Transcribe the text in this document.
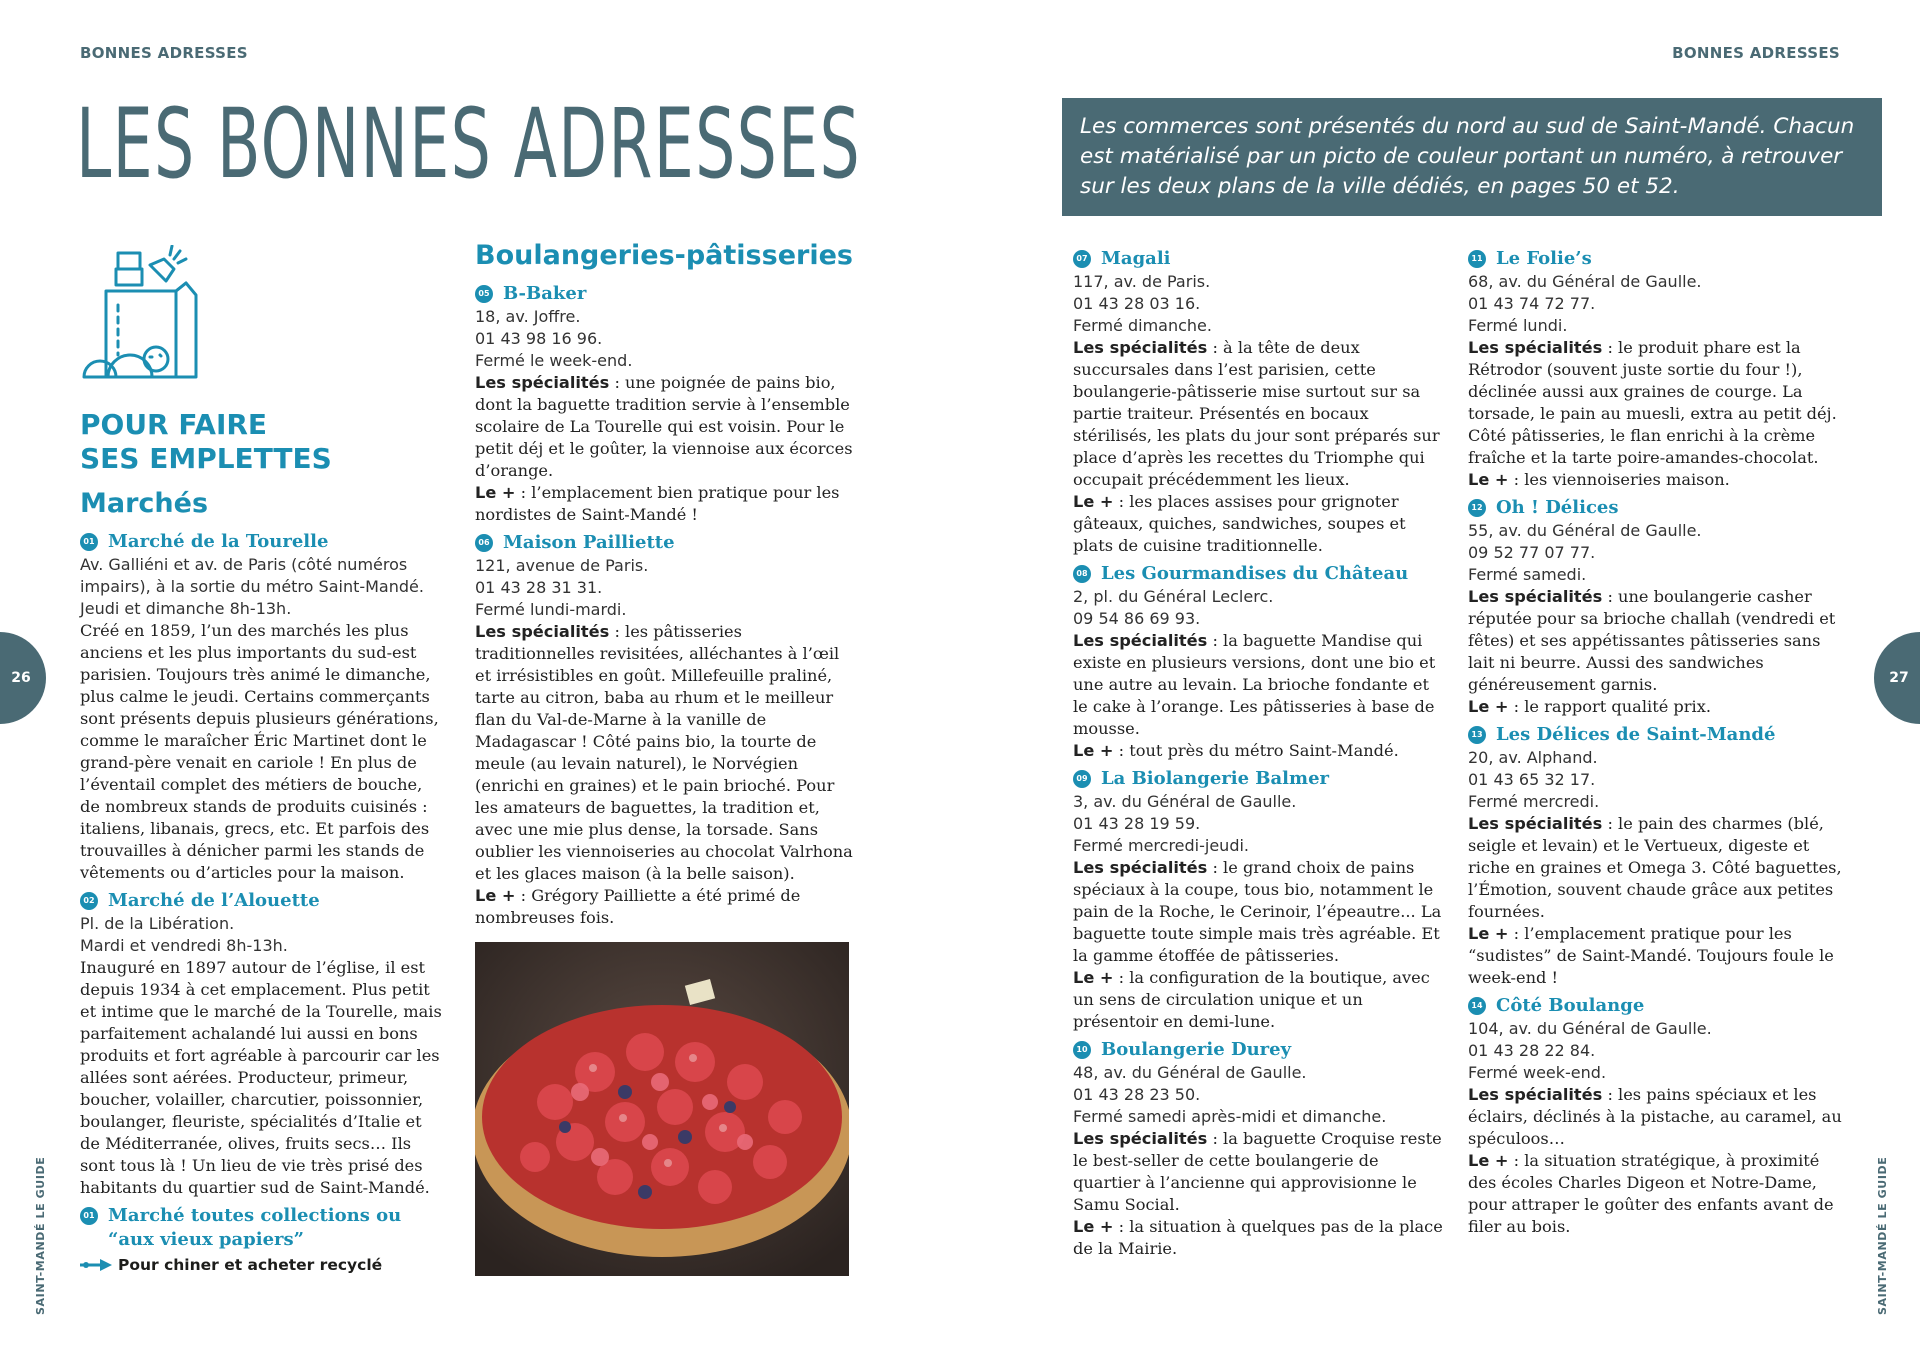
BONNES ADRESSES
LES BONNES ADRESSES
POUR FAIRE
SES EMPLETTES
Marchés
01 Marché de la Tourelle
Av. Galliéni et av. de Paris (côté numéros impairs), à la sortie du métro Saint-Mandé.
Jeudi et dimanche 8h-13h.
Créé en 1859, l’un des marchés les plus anciens et les plus importants du sud-est parisien. Toujours très animé le dimanche, plus calme le jeudi. Certains commerçants sont présents depuis plusieurs générations, comme le maraîcher Éric Martinet dont le grand-père venait en cariole ! En plus de l’éventail complet des métiers de bouche, de nombreux stands de produits cuisinés : italiens, libanais, grecs, etc. Et parfois des trouvailles à dénicher parmi les stands de vêtements ou d’articles pour la maison.
02 Marché de l’Alouette
Pl. de la Libération.
Mardi et vendredi 8h-13h.
Inauguré en 1897 autour de l’église, il est depuis 1934 à cet emplacement. Plus petit et intime que le marché de la Tourelle, mais parfaitement achalandé lui aussi en bons produits et fort agréable à parcourir car les allées sont aérées. Producteur, primeur, boucher, volailler, charcutier, poissonnier, boulanger, fleuriste, spécialités d’Italie et de Méditerranée, olives, fruits secs… Ils sont tous là ! Un lieu de vie très prisé des habitants du quartier sud de Saint-Mandé.
01 Marché toutes collections ou “aux vieux papiers”
Pour chiner et acheter recyclé
Boulangeries-pâtisseries
05 B-Baker
18, av. Joffre.
01 43 98 16 96.
Fermé le week-end.
Les spécialités : une poignée de pains bio, dont la baguette tradition servie à l’ensemble scolaire de La Tourelle qui est voisin. Pour le petit déj et le goûter, la viennoise aux écorces d’orange.
Le + : l’emplacement bien pratique pour les nordistes de Saint-Mandé !
06 Maison Pailliette
121, avenue de Paris.
01 43 28 31 31.
Fermé lundi-mardi.
Les spécialités : les pâtisseries traditionnelles revisitées, alléchantes à l’œil et irrésistibles en goût. Millefeuille praliné, tarte au citron, baba au rhum et le meilleur flan du Val-de-Marne à la vanille de Madagascar ! Côté pains bio, la tourte de meule (au levain naturel), le Norvégien (enrichi en graines) et le pain brioché. Pour les amateurs de baguettes, la tradition et, avec une mie plus dense, la torsade. Sans oublier les viennoiseries au chocolat Valrhona et les glaces maison (à la belle saison).
Le + : Grégory Pailliette a été primé de nombreuses fois.
26
SAINT-MANDÉ LE GUIDE
BONNES ADRESSES
Les commerces sont présentés du nord au sud de Saint-Mandé. Chacun est matérialisé par un picto de couleur portant un numéro, à retrouver sur les deux plans de la ville dédiés, en pages 50 et 52.
07 Magali
117, av. de Paris.
01 43 28 03 16.
Fermé dimanche.
Les spécialités : à la tête de deux succursales dans l’est parisien, cette boulangerie-pâtisserie mise surtout sur sa partie traiteur. Présentés en bocaux stérilisés, les plats du jour sont préparés sur place d’après les recettes du Triomphe qui occupait précédemment les lieux.
Le + : les places assises pour grignoter gâteaux, quiches, sandwiches, soupes et plats de cuisine traditionnelle.
08 Les Gourmandises du Château
2, pl. du Général Leclerc.
09 54 86 69 93.
Les spécialités : la baguette Mandise qui existe en plusieurs versions, dont une bio et une autre au levain. La brioche fondante et le cake à l’orange. Les pâtisseries à base de mousse.
Le + : tout près du métro Saint-Mandé.
09 La Biolangerie Balmer
3, av. du Général de Gaulle.
01 43 28 19 59.
Fermé mercredi-jeudi.
Les spécialités : le grand choix de pains spéciaux à la coupe, tous bio, notamment le pain de la Roche, le Cerinoir, l’épeautre... La baguette toute simple mais très agréable. Et la gamme étoffée de pâtisseries.
Le + : la configuration de la boutique, avec un sens de circulation unique et un présentoir en demi-lune.
10 Boulangerie Durey
48, av. du Général de Gaulle.
01 43 28 23 50.
Fermé samedi après-midi et dimanche.
Les spécialités : la baguette Croquise reste le best-seller de cette boulangerie de quartier à l’ancienne qui approvisionne le Samu Social.
Le + : la situation à quelques pas de la place de la Mairie.
11 Le Folie’s
68, av. du Général de Gaulle.
01 43 74 72 77.
Fermé lundi.
Les spécialités : le produit phare est la Rétrodor (souvent juste sortie du four !), déclinée aussi aux graines de courge. La torsade, le pain au muesli, extra au petit déj. Côté pâtisseries, le flan enrichi à la crème fraîche et la tarte poire-amandes-chocolat.
Le + : les viennoiseries maison.
12 Oh ! Délices
55, av. du Général de Gaulle.
09 52 77 07 77.
Fermé samedi.
Les spécialités : une boulangerie casher réputée pour sa brioche challah (vendredi et fêtes) et ses appétissantes pâtisseries sans lait ni beurre. Aussi des sandwiches généreusement garnis.
Le + : le rapport qualité prix.
13 Les Délices de Saint-Mandé
20, av. Alphand.
01 43 65 32 17.
Fermé mercredi.
Les spécialités : le pain des charmes (blé, seigle et levain) et le Vertueux, digeste et riche en graines et Omega 3. Côté baguettes, l’Émotion, souvent chaude grâce aux petites fournées.
Le + : l’emplacement pratique pour les “sudistes” de Saint-Mandé. Toujours foule le week-end !
14 Côté Boulange
104, av. du Général de Gaulle.
01 43 28 22 84.
Fermé week-end.
Les spécialités : les pains spéciaux et les éclairs, déclinés à la pistache, au caramel, au spéculoos…
Le + : la situation stratégique, à proximité des écoles Charles Digeon et Notre-Dame, pour attraper le goûter des enfants avant de filer au bois.
27
SAINT-MANDÉ LE GUIDE
